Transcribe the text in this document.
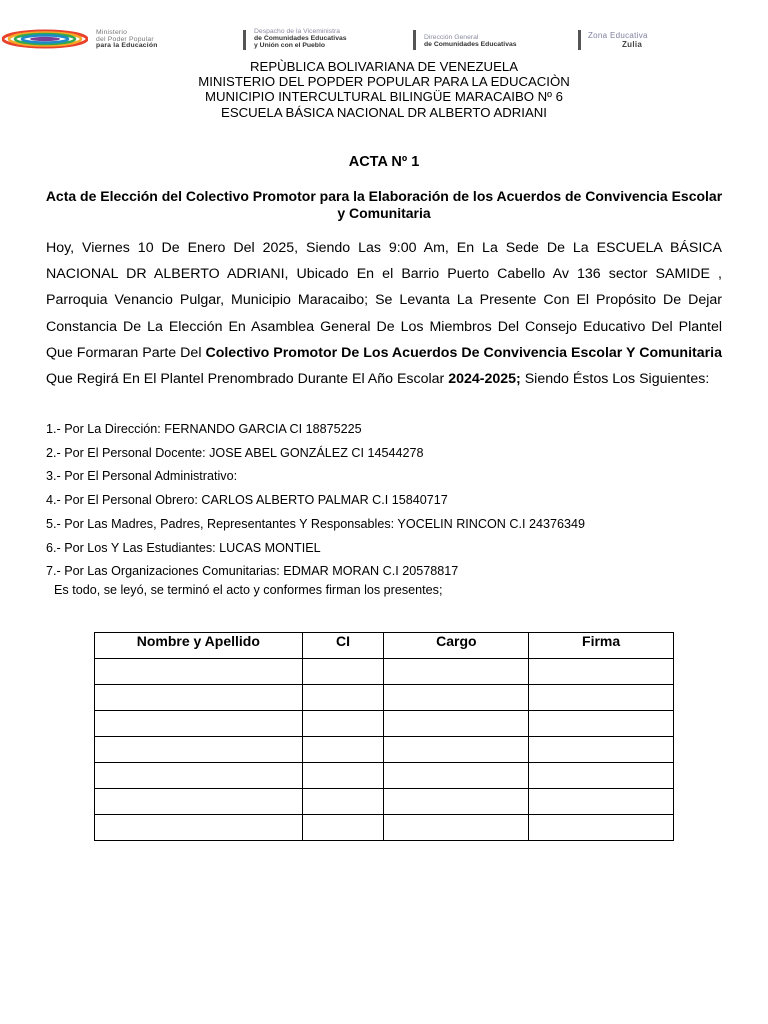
Ministerio
del Poder Popular
para la Educación
Despacho de la Viceministra
de Comunidades Educativas
y Unión con el Pueblo
Dirección General
de Comunidades Educativas
Zona Educativa
Zulia
REPÙBLICA BOLIVARIANA DE VENEZUELA
MINISTERIO DEL POPDER POPULAR PARA LA EDUCACIÒN
MUNICIPIO INTERCULTURAL BILINGÜE MARACAIBO Nº 6
ESCUELA BÁSICA NACIONAL DR ALBERTO ADRIANI
ACTA Nº 1
Acta de Elección del Colectivo Promotor para la Elaboración de los Acuerdos de Convivencia Escolar y Comunitaria
Hoy, Viernes 10 De Enero Del 2025, Siendo Las 9:00 Am, En La Sede De La ESCUELA BÁSICA NACIONAL DR ALBERTO ADRIANI, Ubicado En el Barrio Puerto Cabello Av 136 sector SAMIDE , Parroquia Venancio Pulgar, Municipio Maracaibo; Se Levanta La Presente Con El Propósito De Dejar Constancia De La Elección En Asamblea General De Los Miembros Del Consejo Educativo Del Plantel Que Formaran Parte Del Colectivo Promotor De Los Acuerdos De Convivencia Escolar Y Comunitaria Que Regirá En El Plantel Prenombrado Durante El Año Escolar 2024-2025; Siendo Éstos Los Siguientes:
1.- Por La Dirección: FERNANDO GARCIA CI 18875225
2.- Por El Personal Docente: JOSE ABEL GONZÁLEZ CI 14544278
3.- Por El Personal Administrativo:
4.- Por El Personal Obrero: CARLOS ALBERTO PALMAR C.I 15840717
5.- Por Las Madres, Padres, Representantes Y Responsables: YOCELIN RINCON C.I 24376349
6.- Por Los Y Las Estudiantes: LUCAS MONTIEL
7.- Por Las Organizaciones Comunitarias: EDMAR MORAN C.I 20578817
Es todo, se leyó, se terminó el acto y conformes firman los presentes;
Nombre y Apellido	CI	Cargo	Firma
